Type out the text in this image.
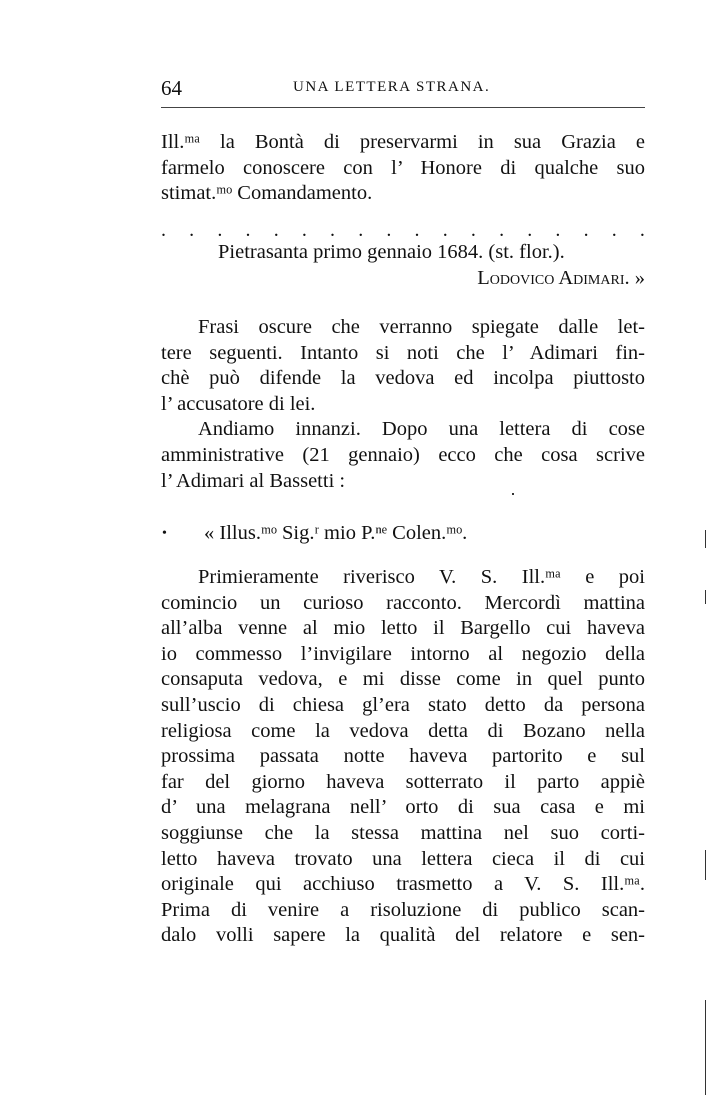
64	UNA LETTERA STRANA.
Ill.ᵐᵃ la Bontà di preservarmi in sua Grazia e
farmelo conoscere con l’ Honore di qualche suo
stimat.ᵐᵒ Comandamento.
. . . . . . . . . . . . . . . . . .
Pietrasanta primo gennaio 1684. (st. flor.).
Lodovico Adimari. »
Frasi oscure che verranno spiegate dalle let-
tere seguenti. Intanto si noti che l’ Adimari fin-
chè può difende la vedova ed incolpa piuttosto
l’ accusatore di lei.
Andiamo innanzi. Dopo una lettera di cose
amministrative (21 gennaio) ecco che cosa scrive
l’ Adimari al Bassetti :
• « Illus.ᵐᵒ Sig.ʳ mio P.ⁿᵉ Colen.ᵐᵒ.
Primieramente riverisco V. S. Ill.ᵐᵃ e poi
comincio un curioso racconto. Mercordì mattina
all’alba venne al mio letto il Bargello cui haveva
io commesso l’invigilare intorno al negozio della
consaputa vedova, e mi disse come in quel punto
sull’uscio di chiesa gl’era stato detto da persona
religiosa come la vedova detta di Bozano nella
prossima passata notte haveva partorito e sul
far del giorno haveva sotterrato il parto appiè
d’ una melagrana nell’ orto di sua casa e mi
soggiunse che la stessa mattina nel suo corti-
letto haveva trovato una lettera cieca il di cui
originale qui acchiuso trasmetto a V. S. Ill.ᵐᵃ.
Prima di venire a risoluzione di publico scan-
dalo volli sapere la qualità del relatore e sen-
